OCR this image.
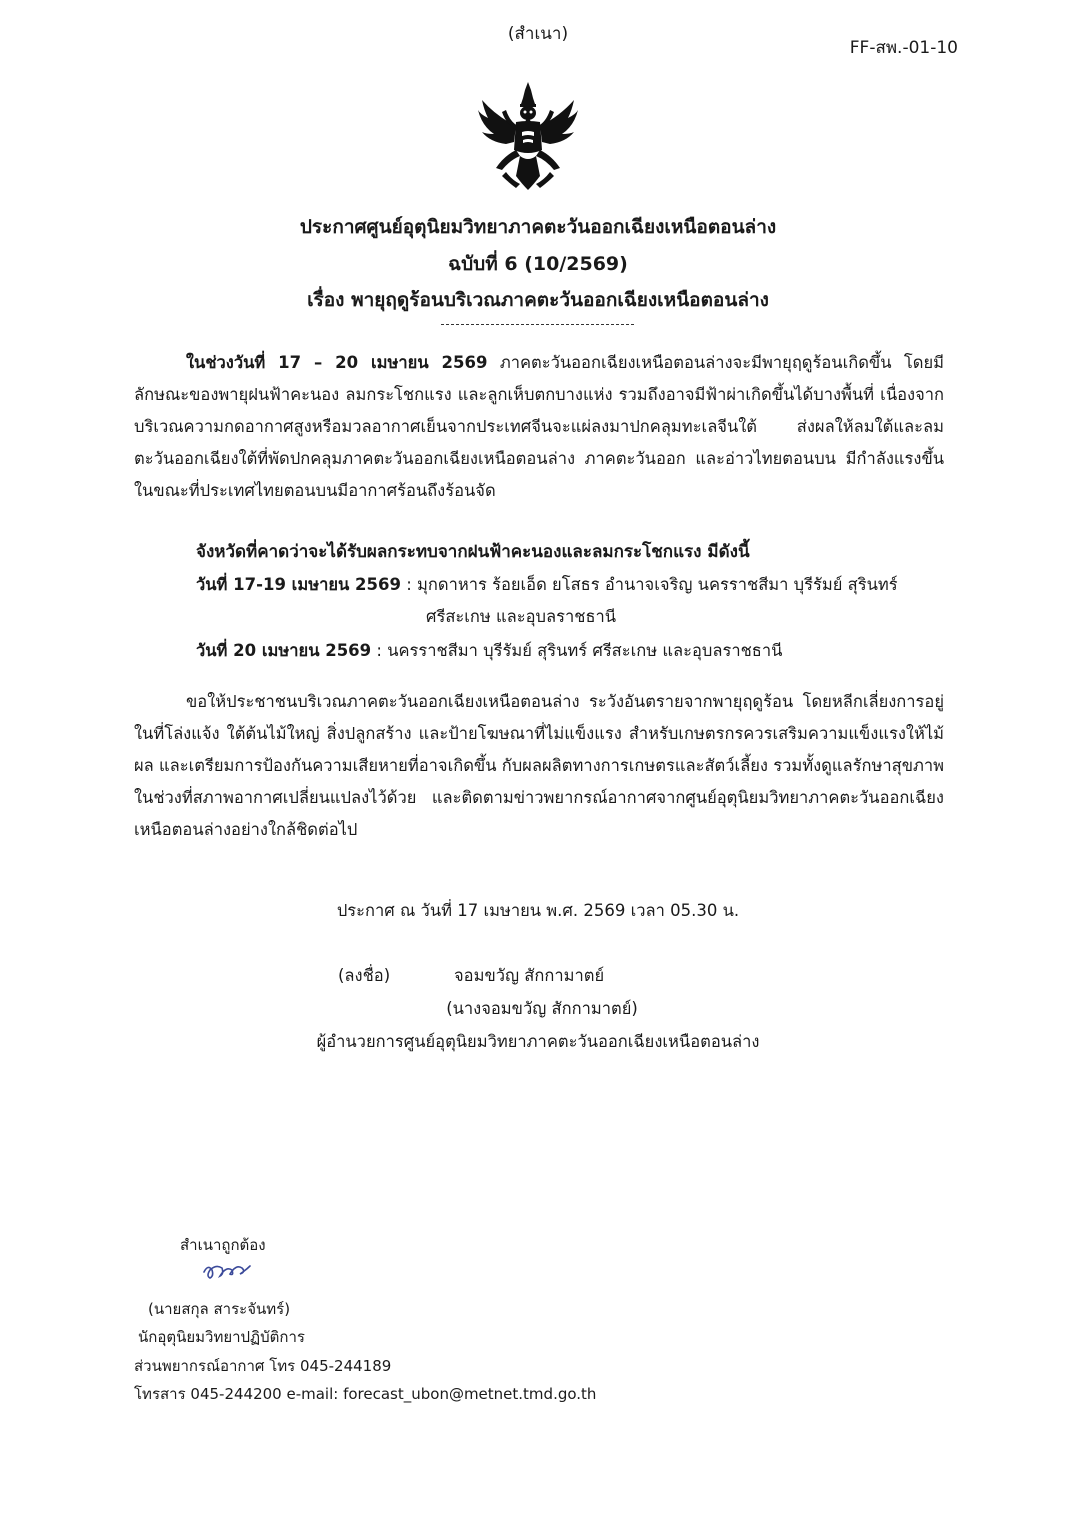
(สำเนา)
FF-สพ.-01-10
ประกาศศูนย์อุตุนิยมวิทยาภาคตะวันออกเฉียงเหนือตอนล่าง
ฉบับที่ 6 (10/2569)
เรื่อง พายุฤดูร้อนบริเวณภาคตะวันออกเฉียงเหนือตอนล่าง
ในช่วงวันที่ 17 – 20 เมษายน 2569 ภาคตะวันออกเฉียงเหนือตอนล่างจะมีพายุฤดูร้อนเกิดขึ้น โดยมีลักษณะของพายุฝนฟ้าคะนอง ลมกระโชกแรง และลูกเห็บตกบางแห่ง รวมถึงอาจมีฟ้าผ่าเกิดขึ้นได้บางพื้นที่ เนื่องจากบริเวณความกดอากาศสูงหรือมวลอากาศเย็นจากประเทศจีนจะแผ่ลงมาปกคลุมทะเลจีนใต้ ส่งผลให้ลมใต้และลมตะวันออกเฉียงใต้ที่พัดปกคลุมภาคตะวันออกเฉียงเหนือตอนล่าง ภาคตะวันออก และอ่าวไทยตอนบน มีกำลังแรงขึ้น ในขณะที่ประเทศไทยตอนบนมีอากาศร้อนถึงร้อนจัด
จังหวัดที่คาดว่าจะได้รับผลกระทบจากฝนฟ้าคะนองและลมกระโชกแรง มีดังนี้
วันที่ 17-19 เมษายน 2569 : มุกดาหาร ร้อยเอ็ด ยโสธร อำนาจเจริญ นครราชสีมา บุรีรัมย์ สุรินทร์
ศรีสะเกษ และอุบลราชธานี
วันที่ 20 เมษายน 2569 : นครราชสีมา บุรีรัมย์ สุรินทร์ ศรีสะเกษ และอุบลราชธานี
ขอให้ประชาชนบริเวณภาคตะวันออกเฉียงเหนือตอนล่าง ระวังอันตรายจากพายุฤดูร้อน โดยหลีกเลี่ยงการอยู่ในที่โล่งแจ้ง ใต้ต้นไม้ใหญ่ สิ่งปลูกสร้าง และป้ายโฆษณาที่ไม่แข็งแรง สำหรับเกษตรกรควรเสริมความแข็งแรงให้ไม้ผล และเตรียมการป้องกันความเสียหายที่อาจเกิดขึ้น กับผลผลิตทางการเกษตรและสัตว์เลี้ยง รวมทั้งดูแลรักษาสุขภาพในช่วงที่สภาพอากาศเปลี่ยนแปลงไว้ด้วย และติดตามข่าวพยากรณ์อากาศจากศูนย์อุตุนิยมวิทยาภาคตะวันออกเฉียงเหนือตอนล่างอย่างใกล้ชิดต่อไป
ประกาศ ณ วันที่ 17 เมษายน พ.ศ. 2569 เวลา 05.30 น.
(ลงชื่อ)	จอมขวัญ สักกามาตย์
(นางจอมขวัญ สักกามาตย์)
ผู้อำนวยการศูนย์อุตุนิยมวิทยาภาคตะวันออกเฉียงเหนือตอนล่าง
สำเนาถูกต้อง
(นายสกุล สาระจันทร์)
นักอุตุนิยมวิทยาปฏิบัติการ
ส่วนพยากรณ์อากาศ โทร 045-244189
โทรสาร 045-244200 e-mail: forecast_ubon@metnet.tmd.go.th
